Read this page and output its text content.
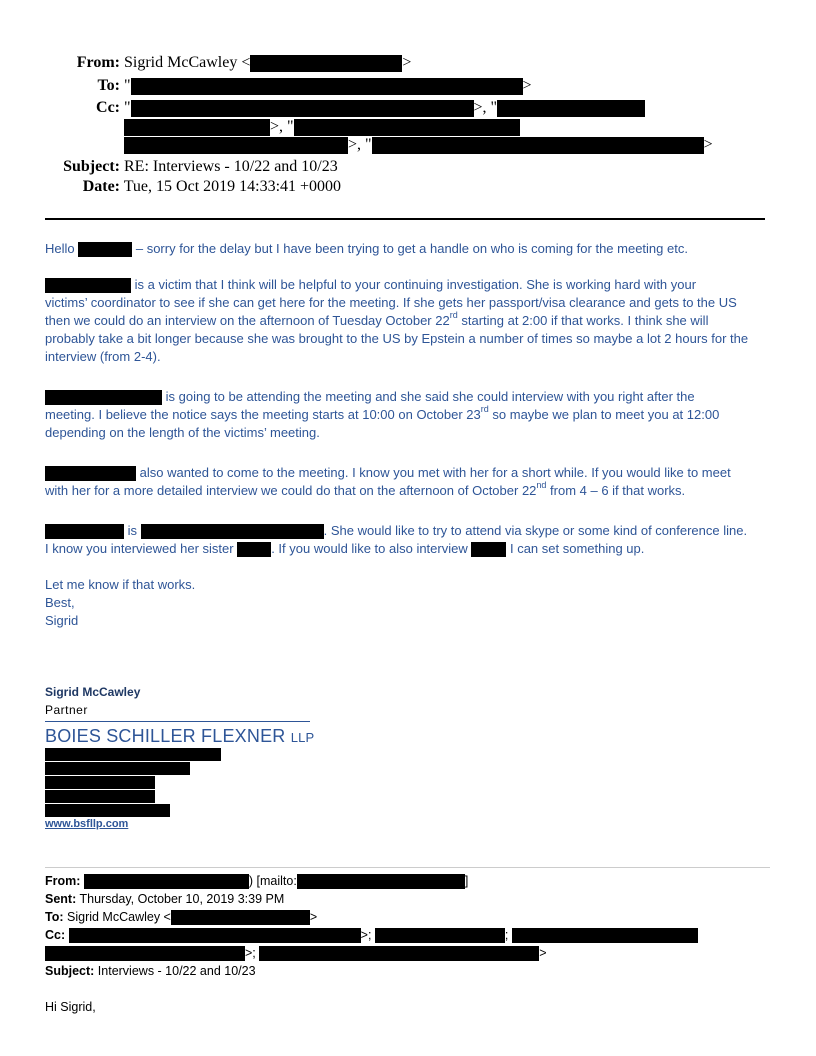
From: Sigrid McCawley <	>
To: "	>
Cc: "	>, "
>, "
>, "	>
Subject: RE: Interviews - 10/22 and 10/23
Date: Tue, 15 Oct 2019 14:33:41 +0000

Hello	– sorry for the delay but I have been trying to get a handle on who is coming for the meeting etc.

is a victim that I think will be helpful to your continuing investigation. She is working hard with your

victims’ coordinator to see if she can get here for the meeting. If she gets her passport/visa clearance and gets to the US

then we could do an interview on the afternoon of Tuesday October 22rd starting at 2:00 if that works. I think she will

probably take a bit longer because she was brought to the US by Epstein a number of times so maybe a lot 2 hours for the

interview (from 2-4).

is going to be attending the meeting and she said she could interview with you right after the

meeting. I believe the notice says the meeting starts at 10:00 on October 23rd so maybe we plan to meet you at 12:00

depending on the length of the victims’ meeting.

also wanted to come to the meeting. I know you met with her for a short while. If you would like to meet

with her for a more detailed interview we could do that on the afternoon of October 22nd from 4 – 6 if that works.

is	. She would like to try to attend via skype or some kind of conference line.

I know you interviewed her sister	. If you would like to also interview	I can set something up.

Let me know if that works.

Best,

Sigrid

Sigrid McCawley
Partner
BOIES SCHILLER FLEXNER LLP
www.bsfllp.com
From:	) [mailto:	]
Sent: Thursday, October 10, 2019 3:39 PM
To: Sigrid McCawley <	>
Cc:	>;	;
>;	>
Subject: Interviews - 10/22 and 10/23
Hi Sigrid,
